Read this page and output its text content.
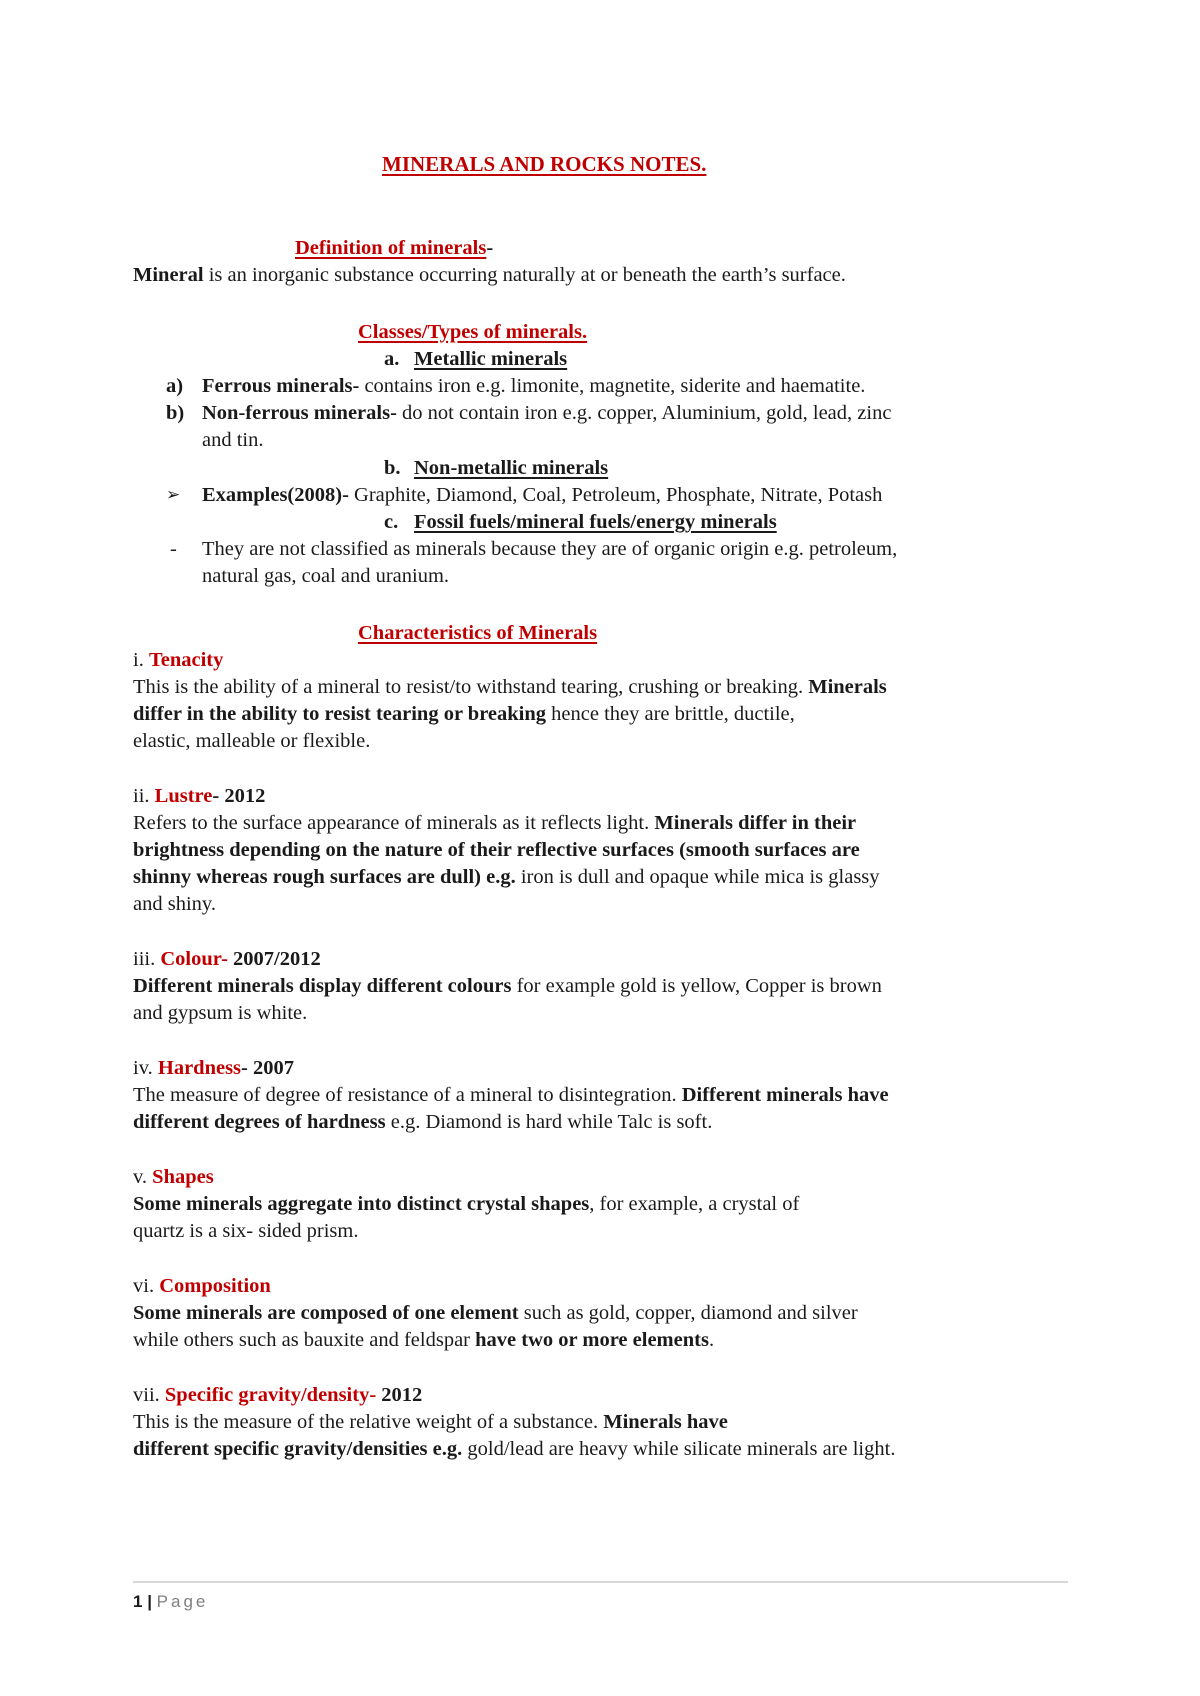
MINERALS AND ROCKS NOTES.
Definition of minerals-
Mineral is an inorganic substance occurring naturally at or beneath the earth’s surface.
Classes/Types of minerals.
a. Metallic minerals
a) Ferrous minerals- contains iron e.g. limonite, magnetite, siderite and haematite.
b) Non-ferrous minerals- do not contain iron e.g. copper, Aluminium, gold, lead, zinc
and tin.
b. Non-metallic minerals
➢ Examples(2008)- Graphite, Diamond, Coal, Petroleum, Phosphate, Nitrate, Potash
c. Fossil fuels/mineral fuels/energy minerals
- They are not classified as minerals because they are of organic origin e.g. petroleum,
natural gas, coal and uranium.
Characteristics of Minerals
i. Tenacity
This is the ability of a mineral to resist/to withstand tearing, crushing or breaking. Minerals
differ in the ability to resist tearing or breaking hence they are brittle, ductile,
elastic, malleable or flexible.
ii. Lustre- 2012
Refers to the surface appearance of minerals as it reflects light. Minerals differ in their
brightness depending on the nature of their reflective surfaces (smooth surfaces are
shinny whereas rough surfaces are dull) e.g. iron is dull and opaque while mica is glassy
and shiny.
iii. Colour- 2007/2012
Different minerals display different colours for example gold is yellow, Copper is brown
and gypsum is white.
iv. Hardness- 2007
The measure of degree of resistance of a mineral to disintegration. Different minerals have
different degrees of hardness e.g. Diamond is hard while Talc is soft.
v. Shapes
Some minerals aggregate into distinct crystal shapes, for example, a crystal of
quartz is a six- sided prism.
vi. Composition
Some minerals are composed of one element such as gold, copper, diamond and silver
while others such as bauxite and feldspar have two or more elements.
vii. Specific gravity/density- 2012
This is the measure of the relative weight of a substance. Minerals have
different specific gravity/densities e.g. gold/lead are heavy while silicate minerals are light.
1 | Page
